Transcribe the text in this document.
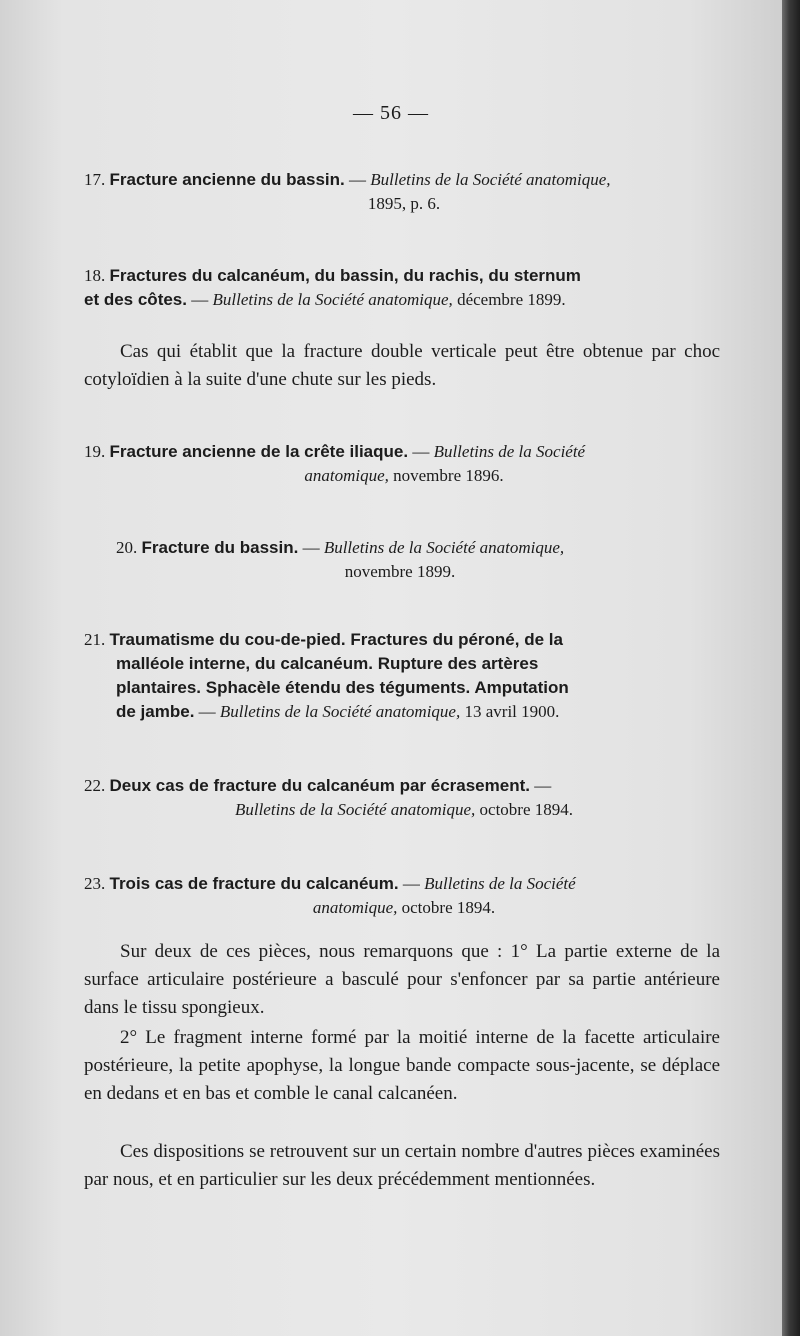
— 56 —
17. Fracture ancienne du bassin. — Bulletins de la Société anatomique,
1895, p. 6.
18. Fractures du calcanéum, du bassin, du rachis, du sternum
et des côtes. — Bulletins de la Société anatomique, décembre 1899.
Cas qui établit que la fracture double verticale peut être obtenue par choc cotyloïdien à la suite d'une chute sur les pieds.
19. Fracture ancienne de la crête iliaque. — Bulletins de la Société
anatomique, novembre 1896.
20. Fracture du bassin. — Bulletins de la Société anatomique,
novembre 1899.
21. Traumatisme du cou-de-pied. Fractures du péroné, de la
malléole interne, du calcanéum. Rupture des artères
plantaires. Sphacèle étendu des téguments. Amputation
de jambe. — Bulletins de la Société anatomique, 13 avril 1900.
22. Deux cas de fracture du calcanéum par écrasement. —
Bulletins de la Société anatomique, octobre 1894.
23. Trois cas de fracture du calcanéum. — Bulletins de la Société
anatomique, octobre 1894.
Sur deux de ces pièces, nous remarquons que : 1° La partie externe de la surface articulaire postérieure a basculé pour s'enfoncer par sa partie antérieure dans le tissu spongieux.
2° Le fragment interne formé par la moitié interne de la facette articulaire postérieure, la petite apophyse, la longue bande compacte sous-jacente, se déplace en dedans et en bas et comble le canal calcanéen.
Ces dispositions se retrouvent sur un certain nombre d'autres pièces examinées par nous, et en particulier sur les deux précédemment mentionnées.
